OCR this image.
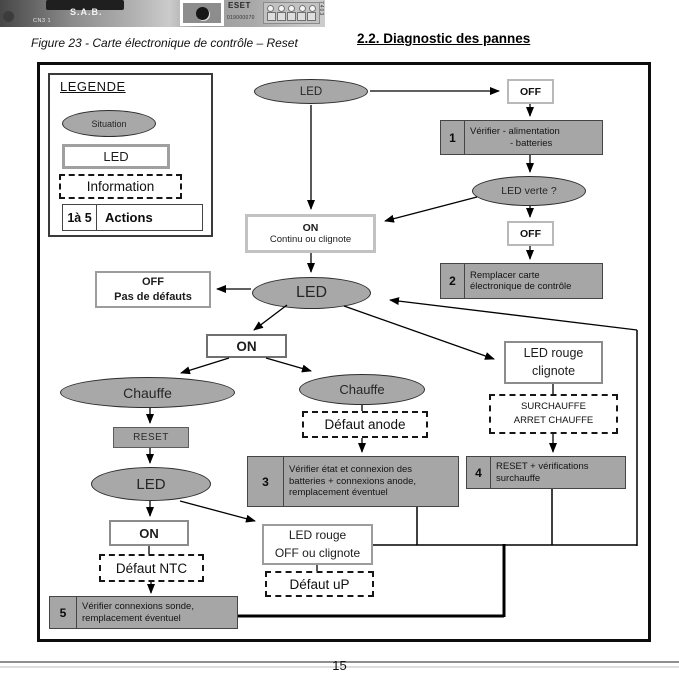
S.A.B.
CN3 1
ESET
019000070
7403
Figure 23 - Carte électronique de contrôle – Reset	2.2. Diagnostic des pannes
LEGENDE
Situation
LED
Information
1à 5	Actions
LED	OFF
1	Vérifier - alimentation
- batteries
LED verte ?
OFF
2	Remplacer carte
électronique de contrôle
ON
Continu ou clignote
OFF
Pas de défauts	LED
ON
Chauffe	Chauffe
Défaut anode
RESET
LED
LED rouge
clignote
SURCHAUFFE
ARRET CHAUFFE
3
Vérifier état et connexion des
batteries + connexions anode,
remplacement éventuel
4	RESET + vérifications
surchauffe
ON
Défaut NTC
LED rouge
OFF ou clignote
Défaut uP
5	Vérifier connexions sonde,
remplacement éventuel
15
